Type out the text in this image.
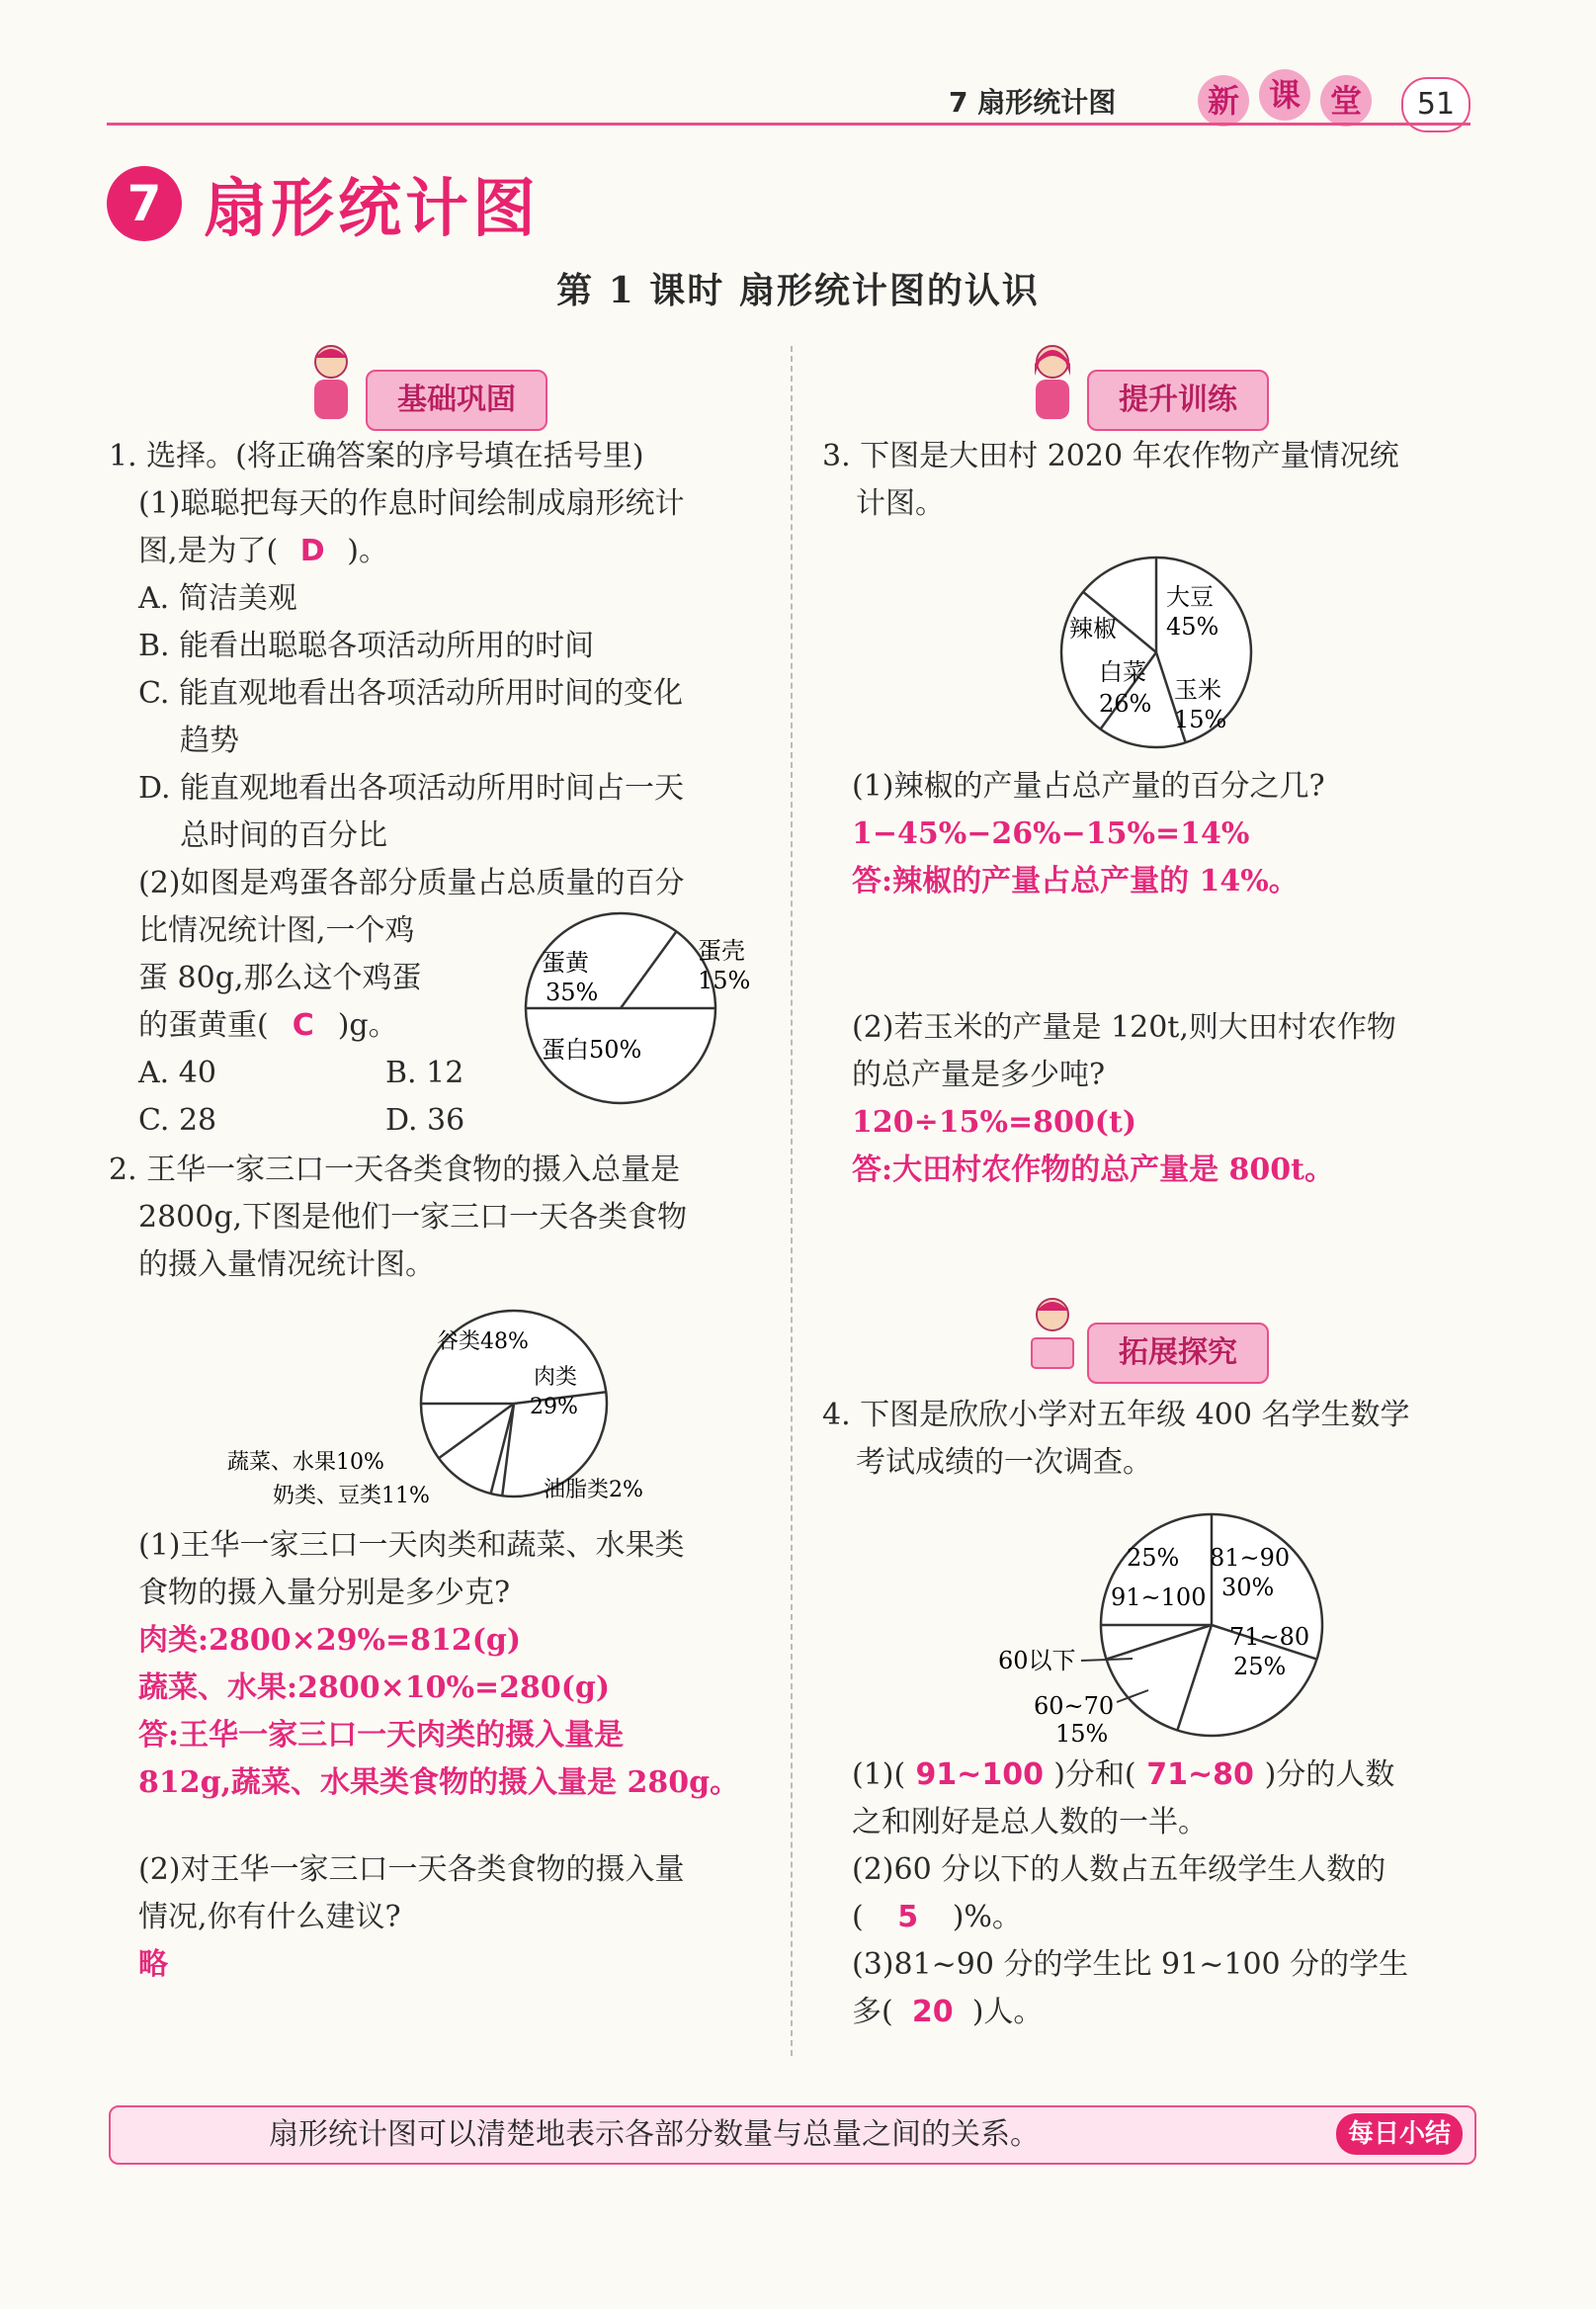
7 扇形统计图	新 课 堂	51
7 扇形统计图
第 1 课时 扇形统计图的认识
基础巩固	提升训练
拓展探究
1. 选择。(将正确答案的序号填在括号里)
(1)聪聪把每天的作息时间绘制成扇形统计
图,是为了( D )。
A. 简洁美观
B. 能看出聪聪各项活动所用的时间
C. 能直观地看出各项活动所用时间的变化
趋势
D. 能直观地看出各项活动所用时间占一天
总时间的百分比
(2)如图是鸡蛋各部分质量占总质量的百分
比情况统计图,一个鸡
蛋 80g,那么这个鸡蛋
的蛋黄重( C )g。
A. 40	B. 12
C. 28	D. 36
蛋黄
35%
蛋壳
15%
蛋白50%
2. 王华一家三口一天各类食物的摄入总量是
2800g,下图是他们一家三口一天各类食物
的摄入量情况统计图。
谷类48%
肉类
29%
蔬菜、水果10%
奶类、豆类11%	油脂类2%
(1)王华一家三口一天肉类和蔬菜、水果类
食物的摄入量分别是多少克?
肉类:2800×29%=812(g)
蔬菜、水果:2800×10%=280(g)
答:王华一家三口一天肉类的摄入量是
812g,蔬菜、水果类食物的摄入量是 280g。
(2)对王华一家三口一天各类食物的摄入量
情况,你有什么建议?
略
3. 下图是大田村 2020 年农作物产量情况统
计图。
大豆
45%
辣椒
白菜
26% 玉米
15%
(1)辣椒的产量占总产量的百分之几?
1−45%−26%−15%=14%
答:辣椒的产量占总产量的 14%。
(2)若玉米的产量是 120t,则大田村农作物
的总产量是多少吨?
120÷15%=800(t)
答:大田村农作物的总产量是 800t。
4. 下图是欣欣小学对五年级 400 名学生数学
考试成绩的一次调查。
25%
91~100
81~90
30%
71~80
25%
60以下
60~70
15%
(1)( 91~100 )分和( 71~80 )分的人数
之和刚好是总人数的一半。
(2)60 分以下的人数占五年级学生人数的
( 5 )%。
(3)81~90 分的学生比 91~100 分的学生
多( 20 )人。
扇形统计图可以清楚地表示各部分数量与总量之间的关系。	每日小结
